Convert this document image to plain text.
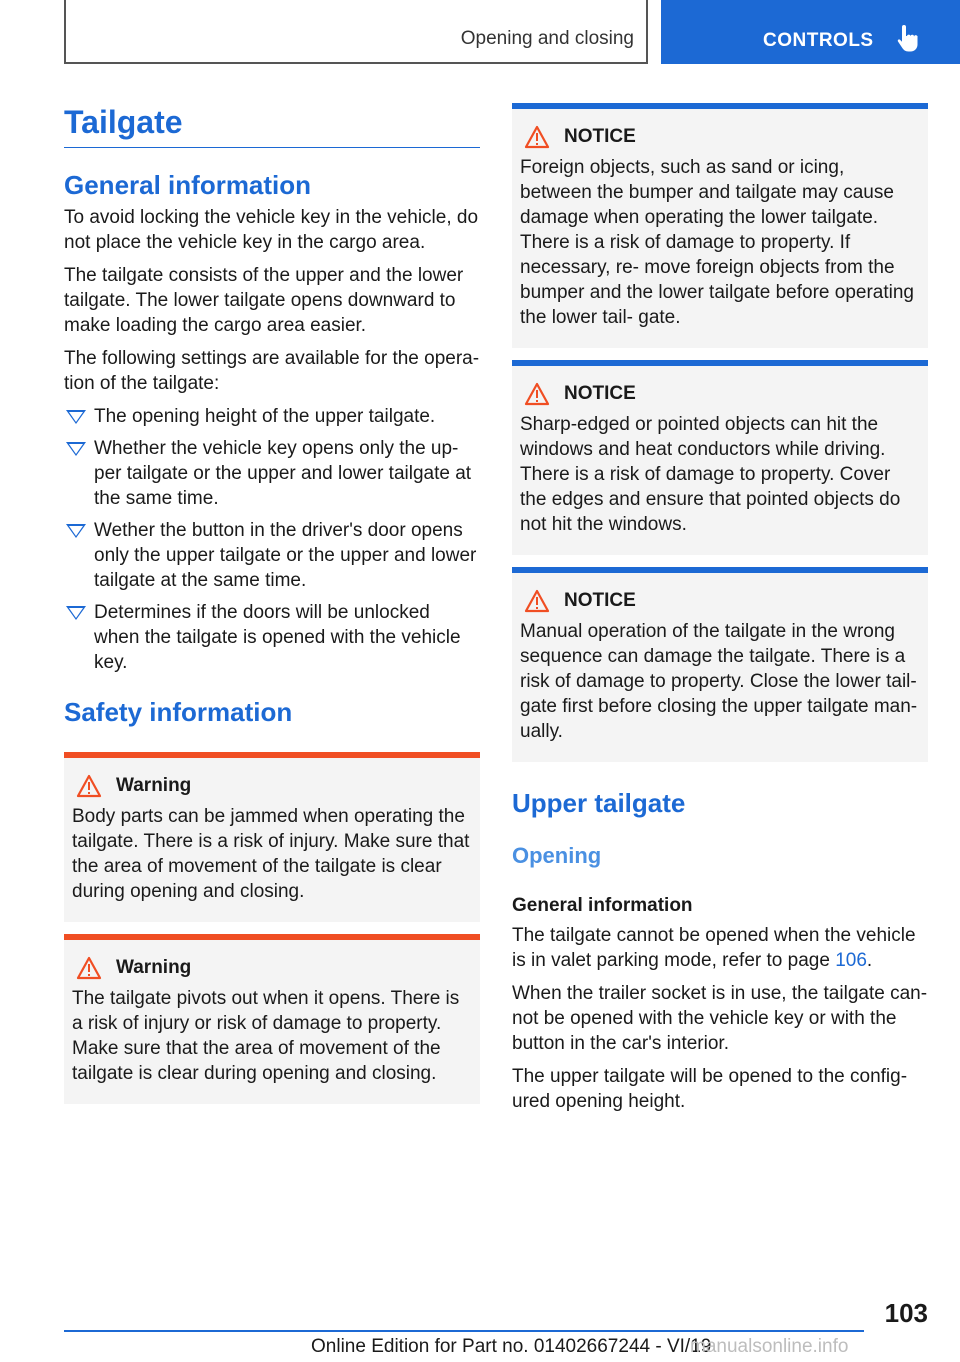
Opening and closing	CONTROLS
Tailgate
General information

To avoid locking the vehicle key in the vehicle, do not place the vehicle key in the cargo area.

The tailgate consists of the upper and the lower tailgate. The lower tailgate opens downward to make loading the cargo area easier.

The following settings are available for the opera‐ tion of the tailgate:

The opening height of the upper tailgate.
Whether the vehicle key opens only the up‐ per tailgate or the upper and lower tailgate at the same time.
Wether the button in the driver's door opens only the upper tailgate or the upper and lower tailgate at the same time.
Determines if the doors will be unlocked when the tailgate is opened with the vehicle key.
Safety information
Warning

Body parts can be jammed when operating the tailgate. There is a risk of injury. Make sure that the area of movement of the tailgate is clear during opening and closing.

Warning

The tailgate pivots out when it opens. There is a risk of injury or risk of damage to property. Make sure that the area of movement of the tailgate is clear during opening and closing.

NOTICE

Foreign objects, such as sand or icing, between the bumper and tailgate may cause damage when operating the lower tailgate. There is a risk of damage to property. If necessary, re‐ move foreign objects from the bumper and the lower tailgate before operating the lower tail‐ gate.

NOTICE

Sharp-edged or pointed objects can hit the windows and heat conductors while driving. There is a risk of damage to property. Cover the edges and ensure that pointed objects do not hit the windows.

NOTICE

Manual operation of the tailgate in the wrong sequence can damage the tailgate. There is a risk of damage to property. Close the lower tail‐ gate first before closing the upper tailgate man‐ ually.

Upper tailgate
Opening
General information

The tailgate cannot be opened when the vehicle is in valet parking mode, refer to page 106.

When the trailer socket is in use, the tailgate can‐ not be opened with the vehicle key or with the button in the car's interior.

The upper tailgate will be opened to the config‐ ured opening height.

103
Online Edition for Part no. 01402667244 - VI/19
manualsonline.info
